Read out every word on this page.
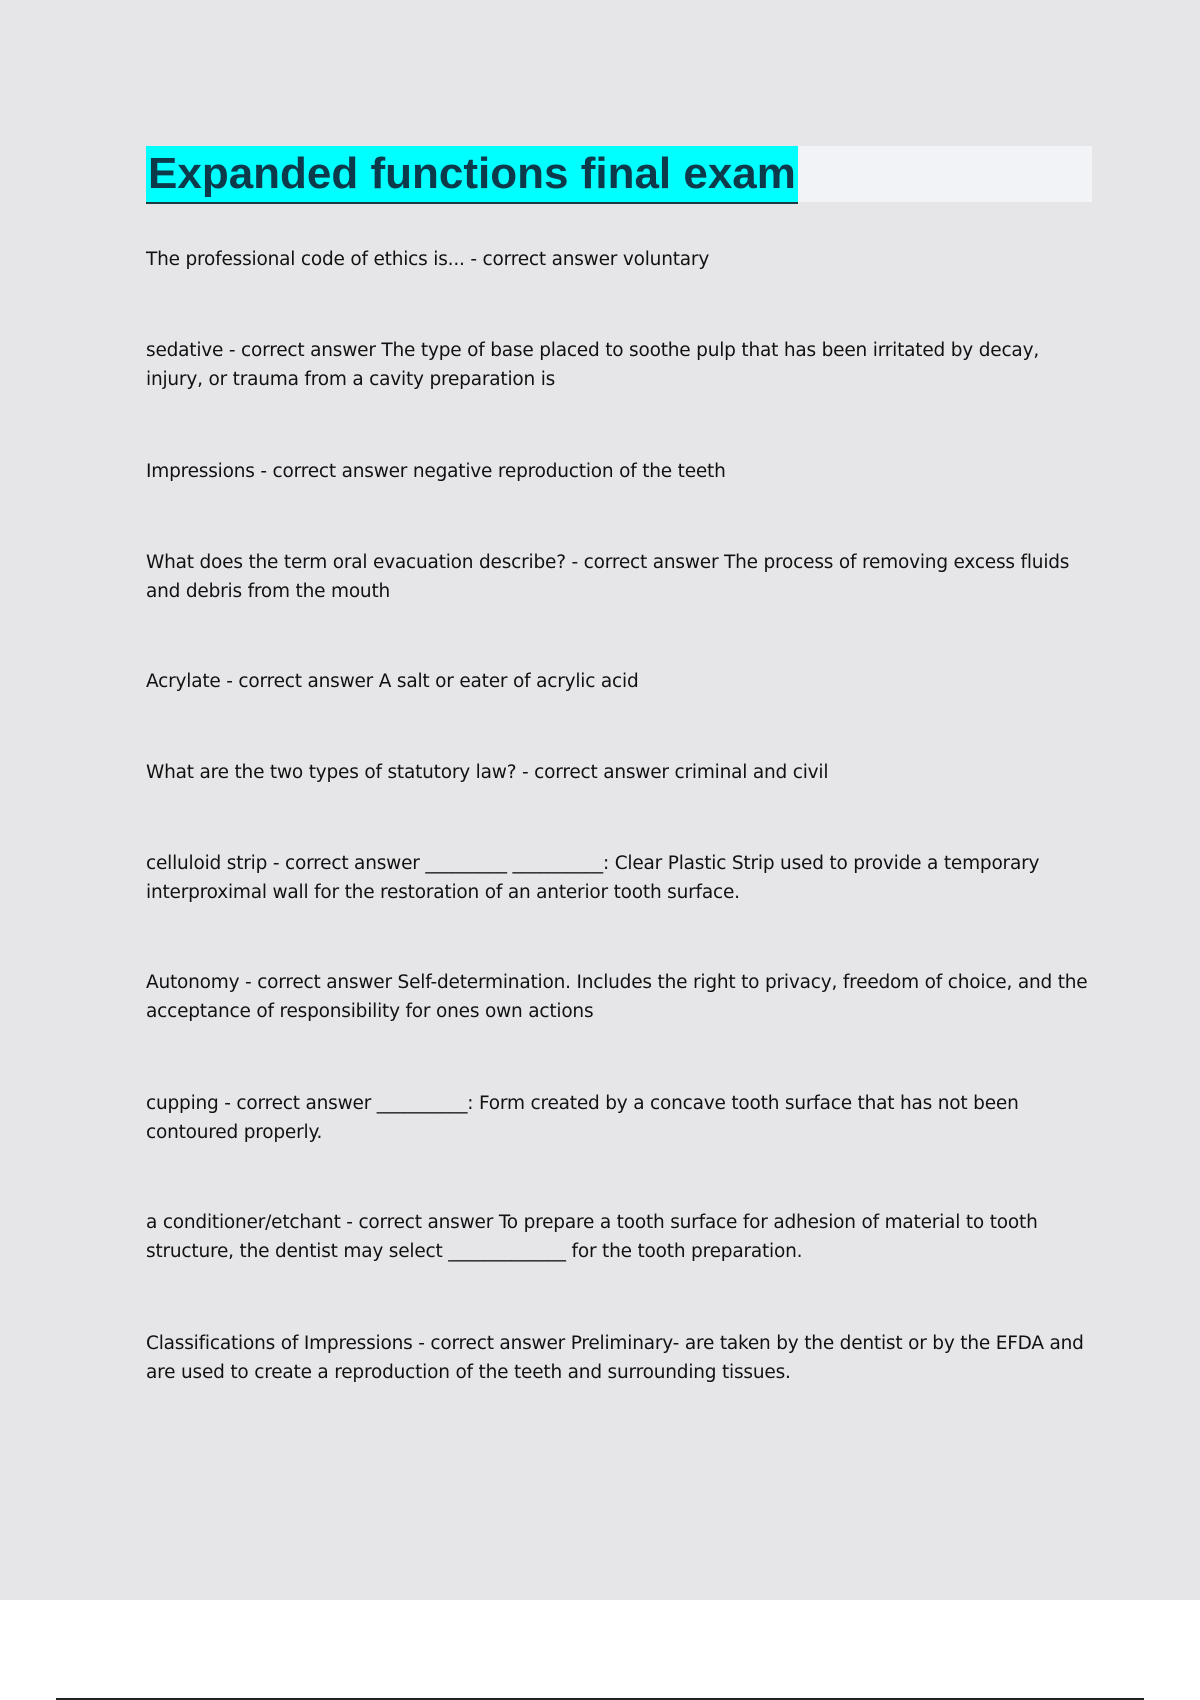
Expanded functions final exam

The professional code of ethics is... - correct answer voluntary

sedative - correct answer The type of base placed to soothe pulp that has been irritated by decay, injury, or trauma from a cavity preparation is

Impressions - correct answer negative reproduction of the teeth

What does the term oral evacuation describe? - correct answer The process of removing excess fluids and debris from the mouth

Acrylate - correct answer A salt or eater of acrylic acid

What are the two types of statutory law? - correct answer criminal and civil

celluloid strip - correct answer _________ __________: Clear Plastic Strip used to provide a temporary interproximal wall for the restoration of an anterior tooth surface.

Autonomy - correct answer Self-determination. Includes the right to privacy, freedom of choice, and the acceptance of responsibility for ones own actions

cupping - correct answer __________: Form created by a concave tooth surface that has not been contoured properly.

a conditioner/etchant - correct answer To prepare a tooth surface for adhesion of material to tooth structure, the dentist may select _____________ for the tooth preparation.

Classifications of Impressions - correct answer Preliminary- are taken by the dentist or by the EFDA and are used to create a reproduction of the teeth and surrounding tissues.
